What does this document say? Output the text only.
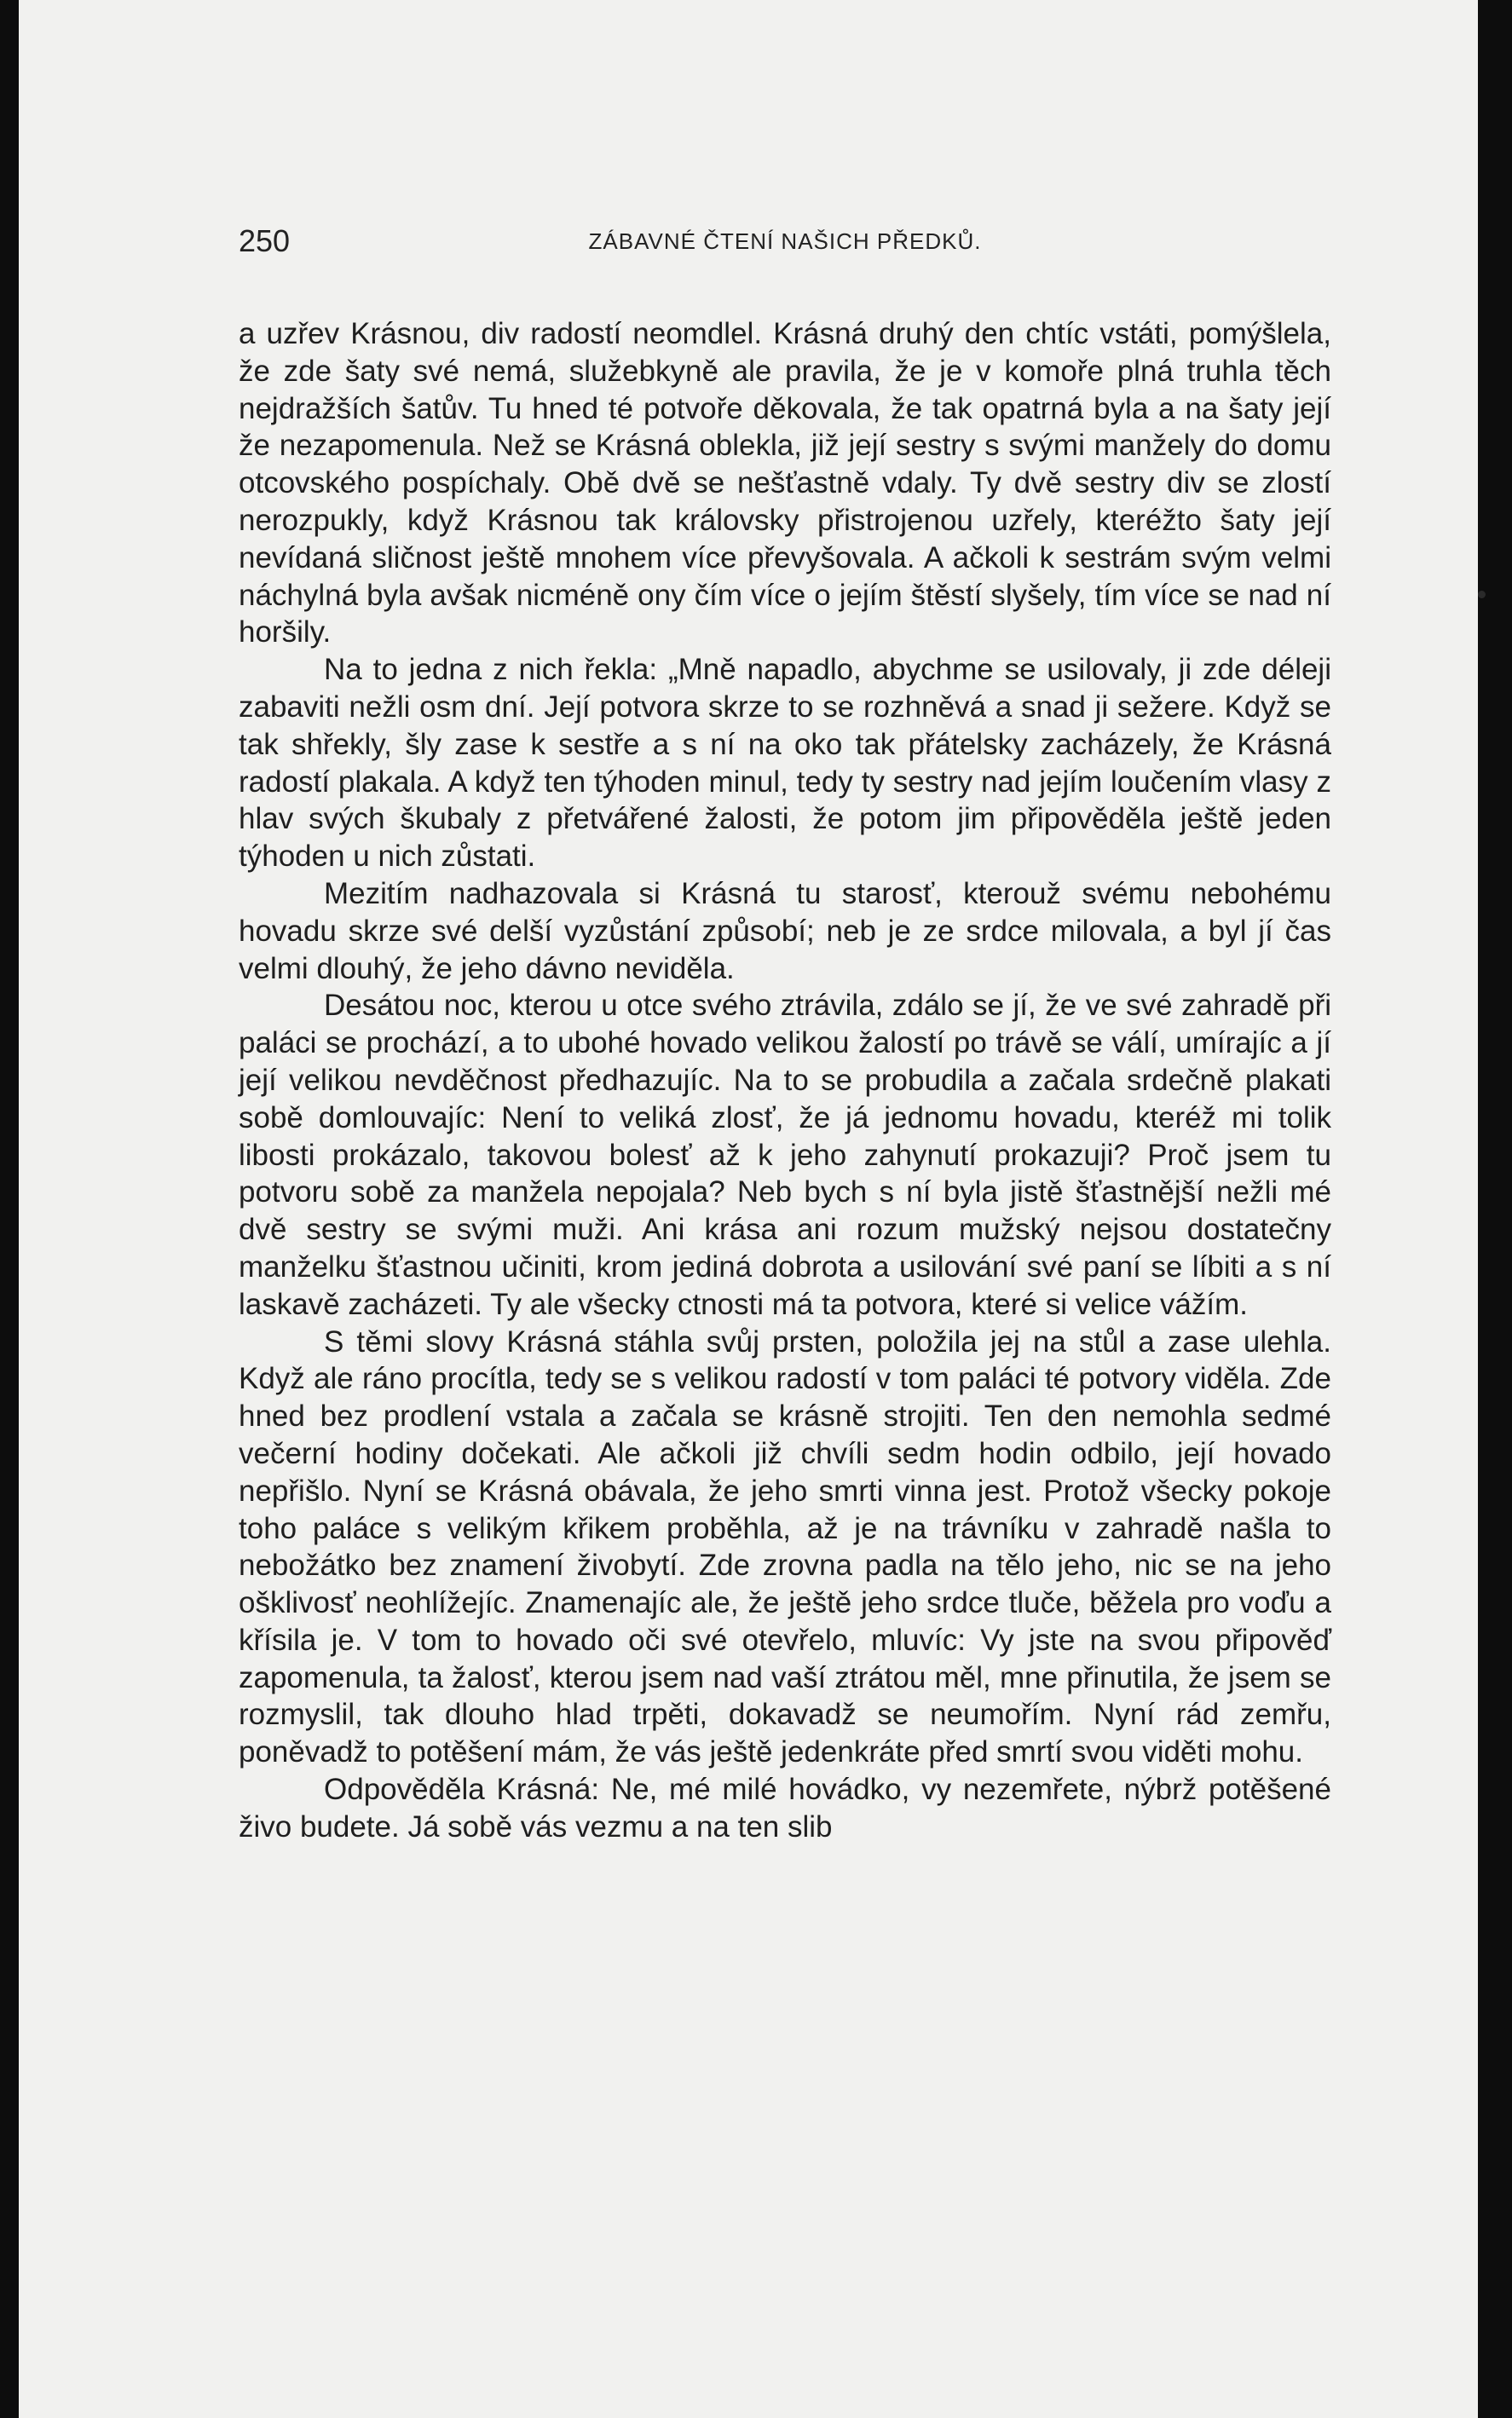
250	ZÁBAVNÉ ČTENÍ NAŠICH PŘEDKŮ.

a uzřev Krásnou, div radostí neomdlel. Krásná druhý den chtíc vstáti, pomýšlela, že zde šaty své nemá, služebkyně ale pravila, že je v komoře plná truhla těch nejdražších šatův. Tu hned té potvoře děkovala, že tak opatrná byla a na šaty její že nezapomenula. Než se Krásná oblekla, již její sestry s svými manžely do domu otcovského pospíchaly. Obě dvě se nešťastně vdaly. Ty dvě sestry div se zlostí nerozpukly, když Krásnou tak královsky přistrojenou uzřely, kteréžto šaty její nevídaná sličnost ještě mnohem více převyšovala. A ačkoli k sestrám svým velmi náchylná byla avšak nicméně ony čím více o jejím štěstí slyšely, tím více se nad ní horšily.

Na to jedna z nich řekla: „Mně napadlo, abychme se usilovaly, ji zde déleji zabaviti nežli osm dní. Její potvora skrze to se rozhněvá a snad ji sežere. Když se tak shřekly, šly zase k sestře a s ní na oko tak přátelsky zacházely, že Krásná radostí plakala. A když ten týhoden minul, tedy ty sestry nad jejím loučením vlasy z hlav svých škubaly z přetvářené žalosti, že potom jim připověděla ještě jeden týhoden u nich zůstati.

Mezitím nadhazovala si Krásná tu starosť, kterouž svému nebohému hovadu skrze své delší vyzůstání způsobí; neb je ze srdce milovala, a byl jí čas velmi dlouhý, že jeho dávno neviděla.

Desátou noc, kterou u otce svého ztrávila, zdálo se jí, že ve své zahradě při paláci se prochází, a to ubohé hovado velikou žalostí po trávě se válí, umírajíc a jí její velikou nevděčnost předhazujíc. Na to se probudila a začala srdečně plakati sobě domlouvajíc: Není to veliká zlosť, že já jednomu hovadu, kteréž mi tolik libosti prokázalo, takovou bolesť až k jeho zahynutí prokazuji? Proč jsem tu potvoru sobě za manžela nepojala? Neb bych s ní byla jistě šťastnější nežli mé dvě sestry se svými muži. Ani krása ani rozum mužský nejsou dostatečny manželku šťastnou učiniti, krom jediná dobrota a usilování své paní se líbiti a s ní laskavě zacházeti. Ty ale všecky ctnosti má ta potvora, které si velice vážím.

S těmi slovy Krásná stáhla svůj prsten, položila jej na stůl a zase ulehla. Když ale ráno procítla, tedy se s velikou radostí v tom paláci té potvory viděla. Zde hned bez prodlení vstala a začala se krásně strojiti. Ten den nemohla sedmé večerní hodiny dočekati. Ale ačkoli již chvíli sedm hodin odbilo, její hovado nepřišlo. Nyní se Krásná obávala, že jeho smrti vinna jest. Protož všecky pokoje toho paláce s velikým křikem proběhla, až je na trávníku v zahradě našla to nebožátko bez znamení živobytí. Zde zrovna padla na tělo jeho, nic se na jeho ošklivosť neohlížejíc. Znamenajíc ale, že ještě jeho srdce tluče, běžela pro voďu a křísila je. V tom to hovado oči své otevřelo, mluvíc: Vy jste na svou připověď zapomenula, ta žalosť, kterou jsem nad vaší ztrátou měl, mne přinutila, že jsem se rozmyslil, tak dlouho hlad trpěti, dokavadž se neumořím. Nyní rád zemřu, poněvadž to potěšení mám, že vás ještě jedenkráte před smrtí svou viděti mohu.

Odpověděla Krásná: Ne, mé milé hovádko, vy nezemřete, nýbrž potěšené živo budete. Já sobě vás vezmu a na ten slib
